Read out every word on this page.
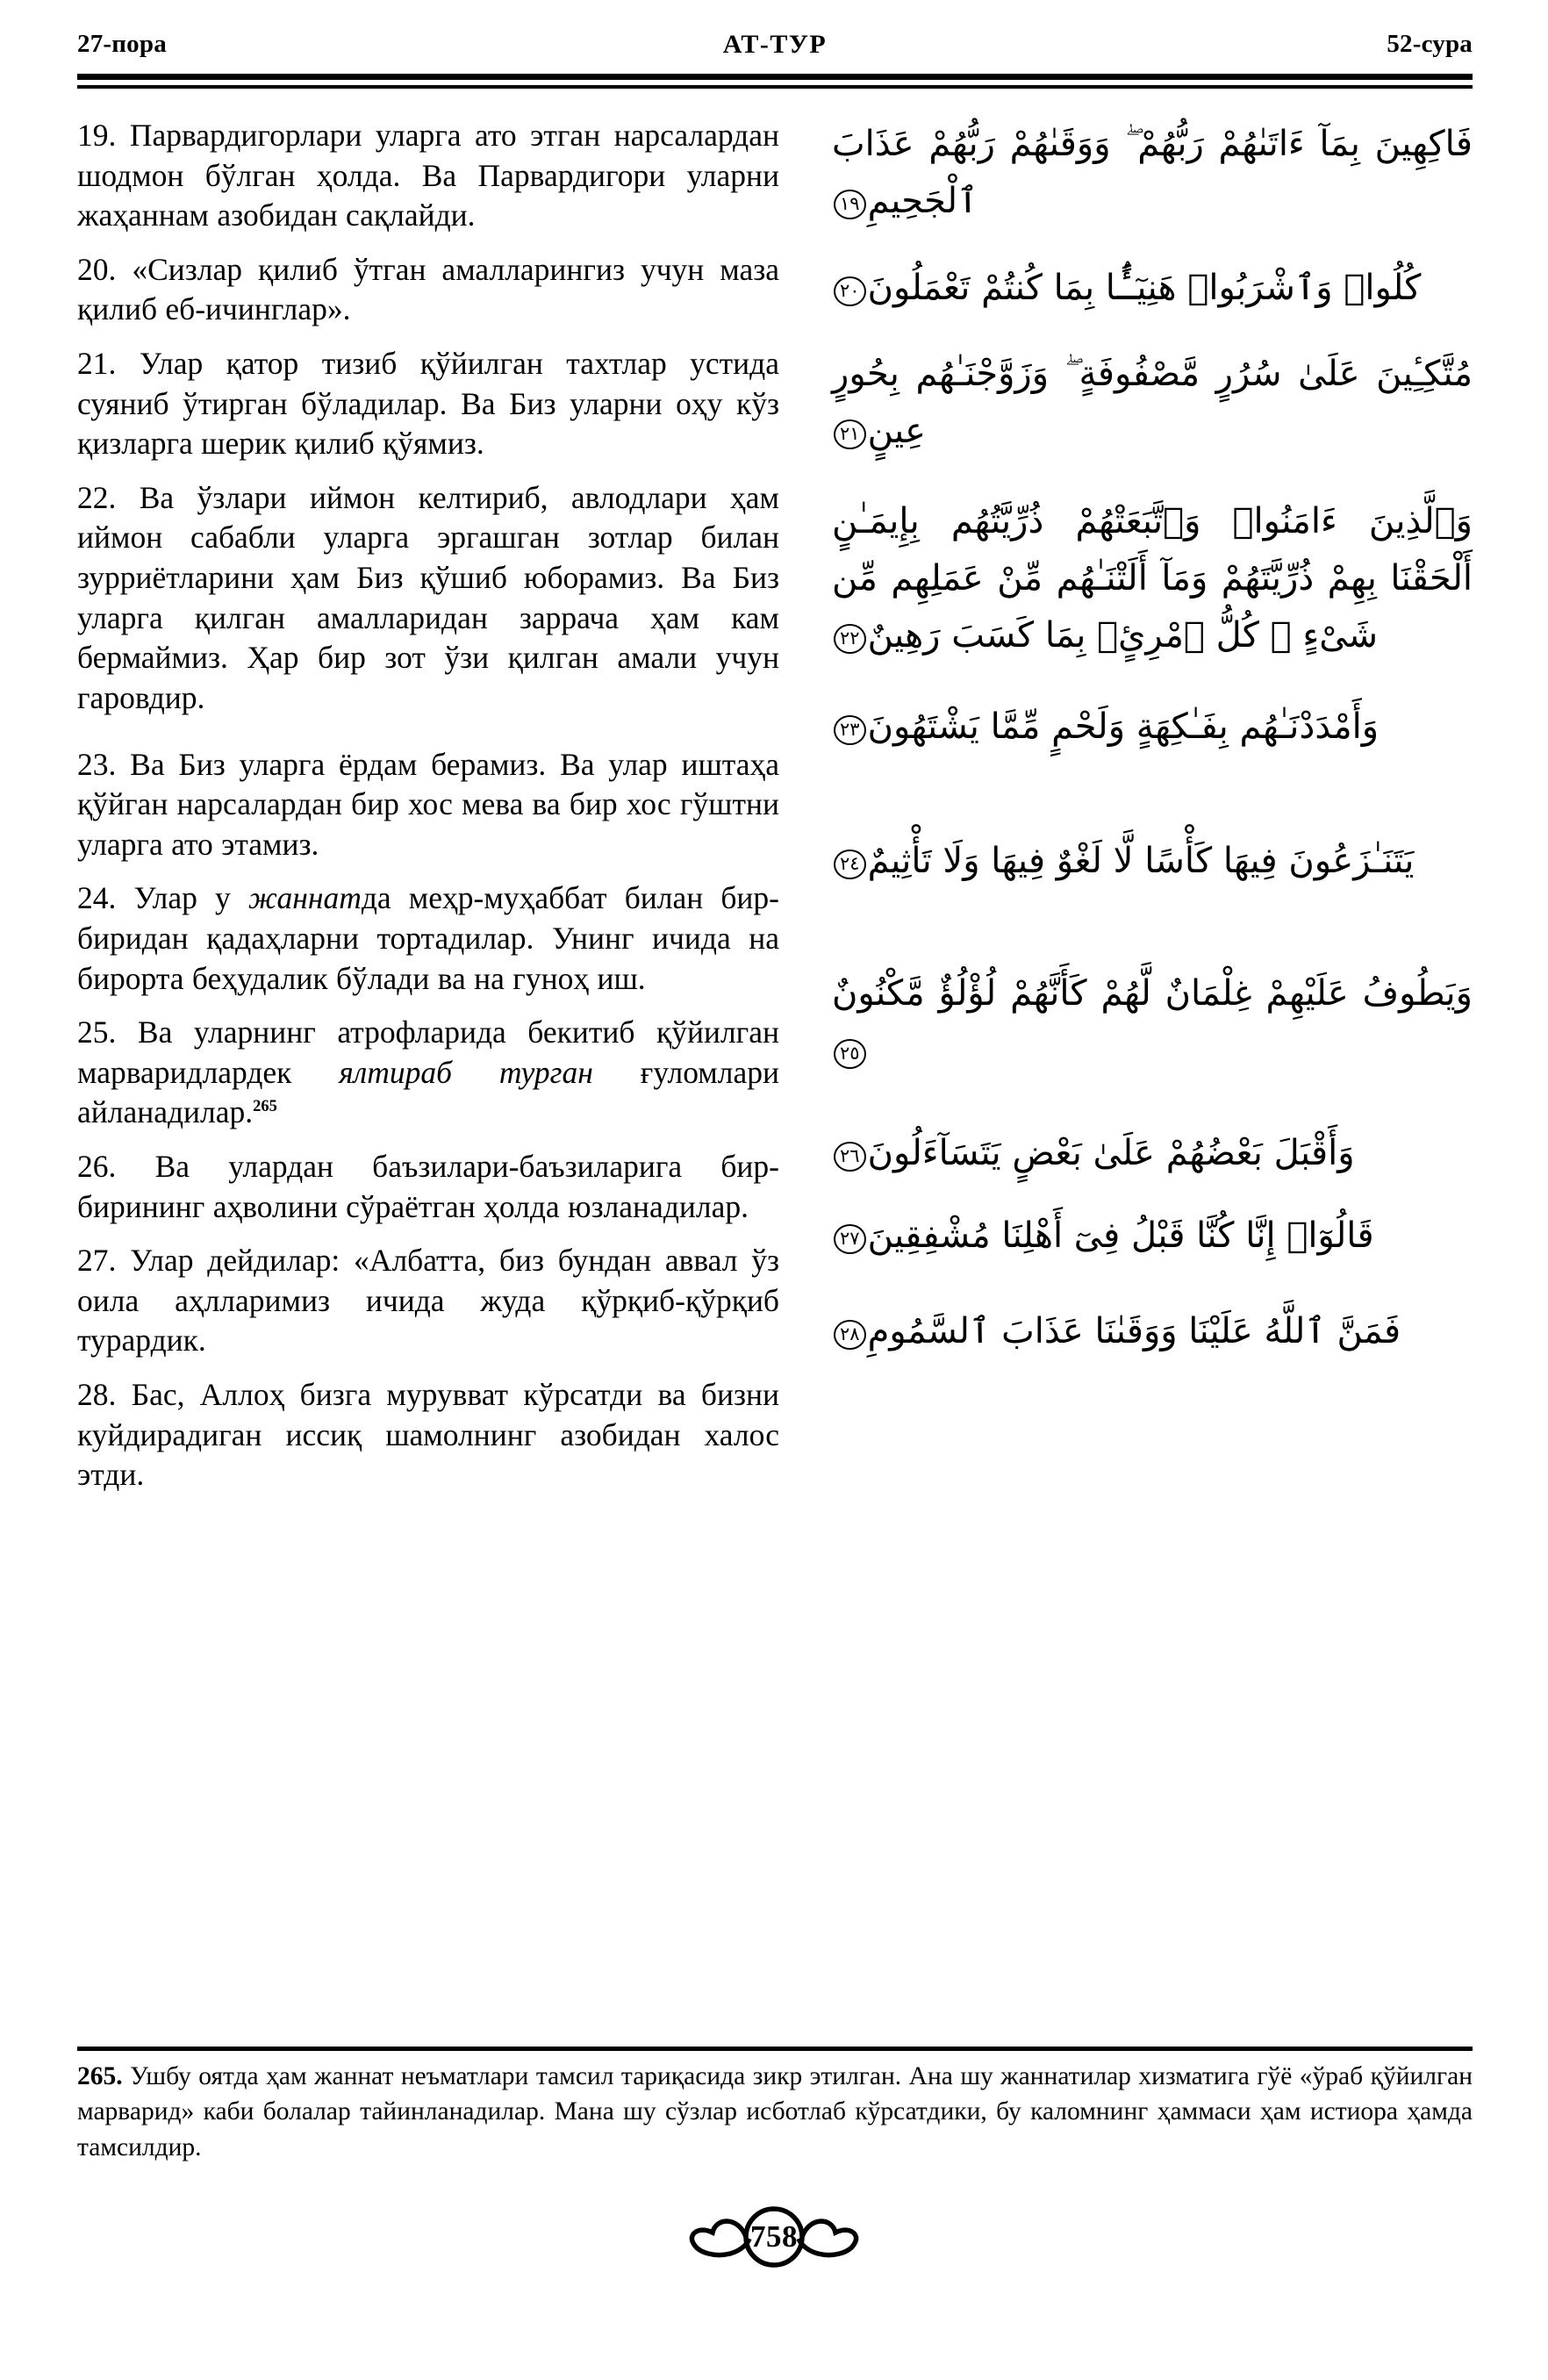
27-пора	АТ-ТУР	52-сура

19. Парвардигорлари уларга ато этган нарсалардан шодмон бўлган ҳолда. Ва Парвардигори уларни жаҳаннам азобидан сақлайди.

20. «Сизлар қилиб ўтган амалларингиз учун маза қилиб еб-ичинглар».

21. Улар қатор тизиб қўйилган тахтлар устида суяниб ўтирган бўладилар. Ва Биз уларни оҳу кўз қизларга шерик қилиб қўямиз.

22. Ва ўзлари иймон келтириб, авлодлари ҳам иймон сабабли уларга эргашган зотлар билан зурриётларини ҳам Биз қўшиб юборамиз. Ва Биз уларга қилган амалларидан заррача ҳам кам бермаймиз. Ҳар бир зот ўзи қилган амали учун гаровдир.

23. Ва Биз уларга ёрдам берамиз. Ва улар иштаҳа қўйган нарсалардан бир хос мева ва бир хос гўштни уларга ато этамиз.

24. Улар у жаннатда меҳр-муҳаббат билан бир-биридан қадаҳларни тортадилар. Унинг ичида на бирорта беҳудалик бўлади ва на гуноҳ иш.

25. Ва уларнинг атрофларида бекитиб қўйилган марваридлардек ялтираб турган ғуломлари айланадилар.$^{265}$

26. Ва улардан баъзилари-баъзиларига бир-бирининг аҳволини сўраётган ҳолда юзланадилар.

27. Улар дейдилар: «Албатта, биз бундан аввал ўз оила аҳлларимиз ичида жуда қўрқиб-қўрқиб турардик.

28. Бас, Аллоҳ бизга мурувват кўрсатди ва бизни куйдирадиган иссиқ шамолнинг азобидан халос этди.

فَاكِهِينَ بِمَآ ءَاتَىٰهُمْ رَبُّهُمْ ۖ وَوَقَىٰهُمْ رَبُّهُمْ عَذَابَ ٱلْجَحِيمِ١٩

كُلُوا۟ وَٱشْرَبُوا۟ هَنِيٓـًٔۢا بِمَا كُنتُمْ تَعْمَلُونَ٢٠

مُتَّكِـِٔينَ عَلَىٰ سُرُرٍ مَّصْفُوفَةٍ ۖ وَزَوَّجْنَـٰهُم بِحُورٍ عِينٍ٢١

وَٱلَّذِينَ ءَامَنُوا۟ وَٱتَّبَعَتْهُمْ ذُرِّيَّتُهُم بِإِيمَـٰنٍ أَلْحَقْنَا بِهِمْ ذُرِّيَّتَهُمْ وَمَآ أَلَتْنَـٰهُم مِّنْ عَمَلِهِم مِّن شَىْءٍ ۚ كُلُّ ٱمْرِئٍۭ بِمَا كَسَبَ رَهِينٌ٢٢

وَأَمْدَدْنَـٰهُم بِفَـٰكِهَةٍ وَلَحْمٍ مِّمَّا يَشْتَهُونَ٢٣

يَتَنَـٰزَعُونَ فِيهَا كَأْسًا لَّا لَغْوٌ فِيهَا وَلَا تَأْثِيمٌ٢٤

وَيَطُوفُ عَلَيْهِمْ غِلْمَانٌ لَّهُمْ كَأَنَّهُمْ لُؤْلُؤٌ مَّكْنُونٌ٢٥

وَأَقْبَلَ بَعْضُهُمْ عَلَىٰ بَعْضٍ يَتَسَآءَلُونَ٢٦

قَالُوٓا۟ إِنَّا كُنَّا قَبْلُ فِىٓ أَهْلِنَا مُشْفِقِينَ٢٧

فَمَنَّ ٱللَّهُ عَلَيْنَا وَوَقَىٰنَا عَذَابَ ٱلسَّمُومِ٢٨

265. Ушбу оятда ҳам жаннат неъматлари тамсил тариқасида зикр этилган. Ана шу жаннатилар хизматига гўё «ўраб қўйилган марварид» каби болалар тайинланадилар. Мана шу сўзлар исботлаб кўрсатдики, бу каломнинг ҳаммаси ҳам истиора ҳамда тамсилдир.
758
